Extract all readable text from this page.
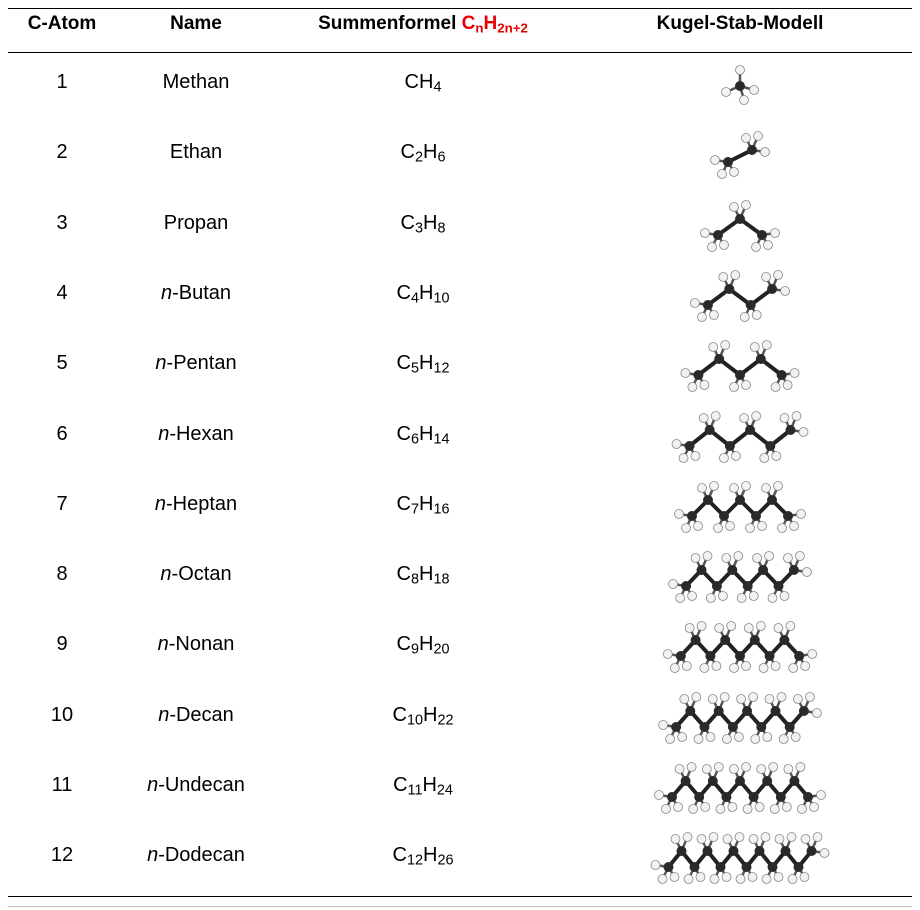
C-Atom	Name	Summenformel $C_nH_{2n+2}$	Kugel-Stab-Modell
1	Methan	$CH_4$
2	Ethan	$C_2H_6$
3	Propan	$C_3H_8$
4	n-Butan	$C_4H_{10}$
5	n-Pentan	$C_5H_{12}$
6	n-Hexan	$C_6H_{14}$
7	n-Heptan	$C_7H_{16}$
8	n-Octan	$C_8H_{18}$
9	n-Nonan	$C_9H_{20}$
10	n-Decan	$C_{10}H_{22}$
11	n-Undecan	$C_{11}H_{24}$
12	n-Dodecan	$C_{12}H_{26}$
